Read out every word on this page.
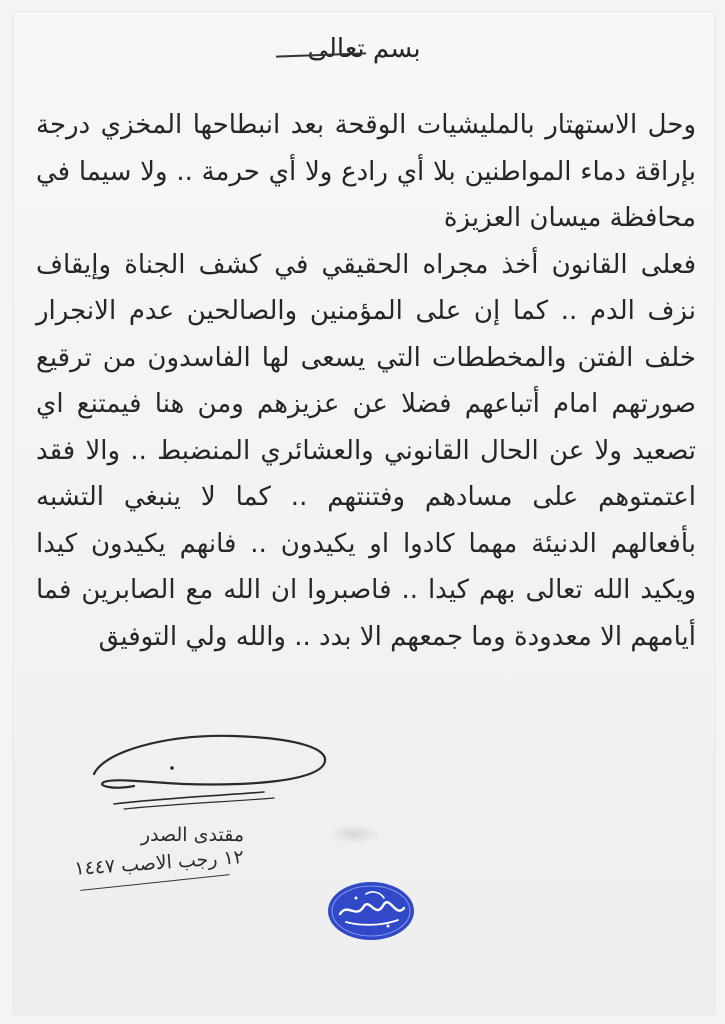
بسم تعالى

وحل الاستهتار بالمليشيات الوقحة بعد انبطاحها المخزي درجة بإراقة دماء المواطنين بلا أي رادع ولا أي حرمة .. ولا سيما في محافظة ميسان العزيزة

فعلى القانون أخذ مجراه الحقيقي في كشف الجناة وإيقاف نزف الدم .. كما إن على المؤمنين والصالحين عدم الانجرار خلف الفتن والمخططات التي يسعى لها الفاسدون من ترقيع صورتهم امام أتباعهم فضلا عن عزيزهم ومن هنا فيمتنع اي تصعيد ولا عن الحال القانوني والعشائري المنضبط .. والا فقد اعتمتوهم على مسادهم وفتنتهم .. كما لا ينبغي التشبه بأفعالهم الدنيئة مهما كادوا او يكيدون .. فانهم يكيدون كيدا ويكيد الله تعالى بهم كيدا .. فاصبروا ان الله مع الصابرين فما أيامهم الا معدودة وما جمعهم الا بدد .. والله ولي التوفيق

مقتدى الصدر
١٢ رجب الاصب ١٤٤٧
